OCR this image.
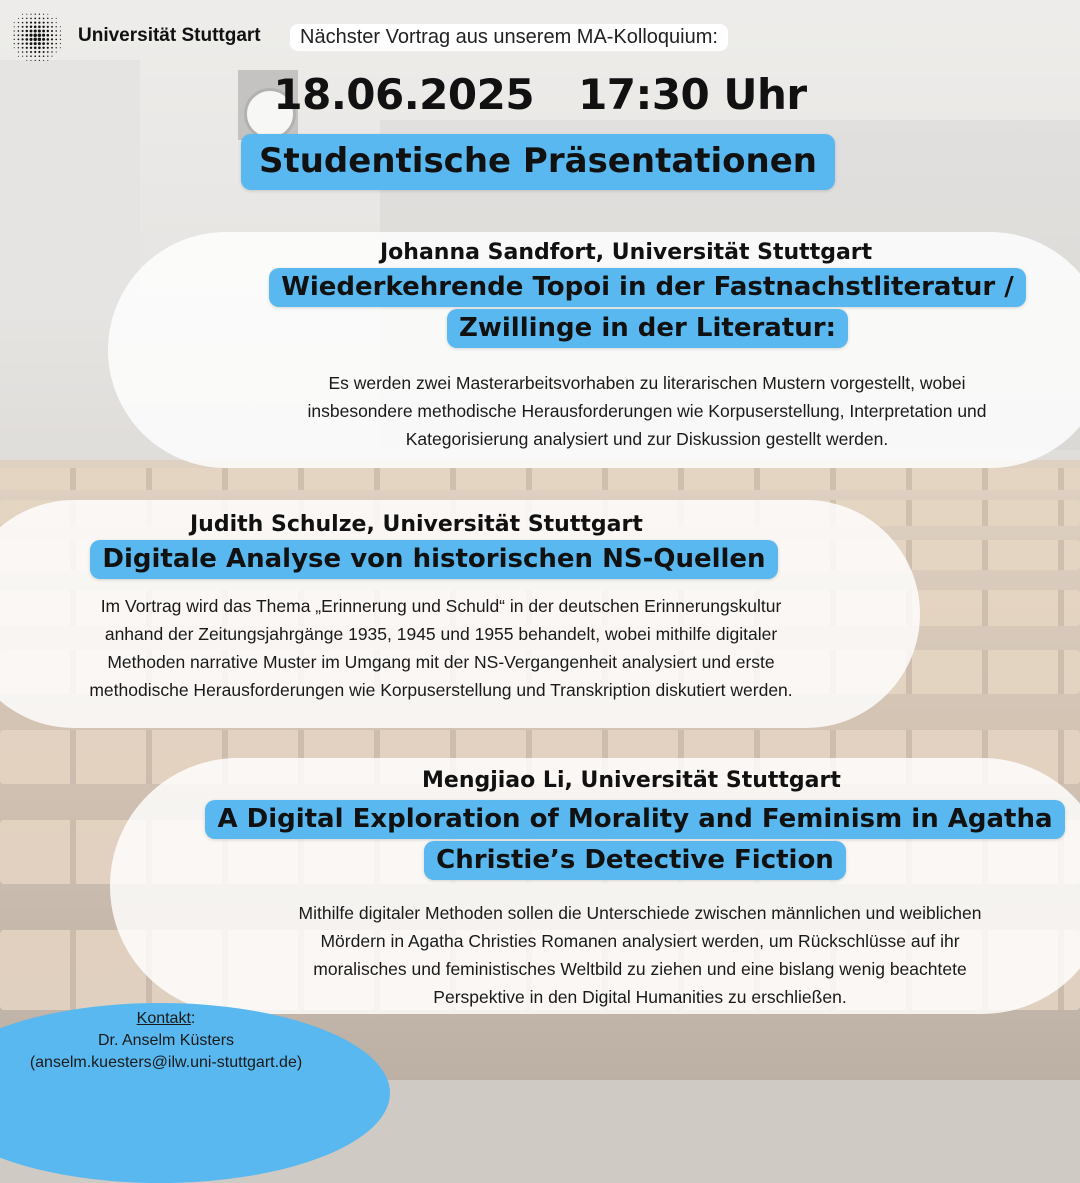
Universität Stuttgart	Nächster Vortrag aus unserem MA-Kolloquium:
18.06.2025 17:30 Uhr
Studentische Präsentationen
Johanna Sandfort, Universität Stuttgart
Wiederkehrende Topoi in der Fastnachstliteratur /
Zwillinge in der Literatur:
Es werden zwei Masterarbeitsvorhaben zu literarischen Mustern vorgestellt, wobei
insbesondere methodische Herausforderungen wie Korpuserstellung, Interpretation und
Kategorisierung analysiert und zur Diskussion gestellt werden.
Judith Schulze, Universität Stuttgart
Digitale Analyse von historischen NS-Quellen
Im Vortrag wird das Thema „Erinnerung und Schuld“ in der deutschen Erinnerungskultur
anhand der Zeitungsjahrgänge 1935, 1945 und 1955 behandelt, wobei mithilfe digitaler
Methoden narrative Muster im Umgang mit der NS-Vergangenheit analysiert und erste
methodische Herausforderungen wie Korpuserstellung und Transkription diskutiert werden.
Mengjiao Li, Universität Stuttgart
A Digital Exploration of Morality and Feminism in Agatha
Christie’s Detective Fiction
Mithilfe digitaler Methoden sollen die Unterschiede zwischen männlichen und weiblichen
Mördern in Agatha Christies Romanen analysiert werden, um Rückschlüsse auf ihr
moralisches und feministisches Weltbild zu ziehen und eine bislang wenig beachtete
Perspektive in den Digital Humanities zu erschließen.
Kontakt:
Dr. Anselm Küsters
(anselm.kuesters@ilw.uni-stuttgart.de)
